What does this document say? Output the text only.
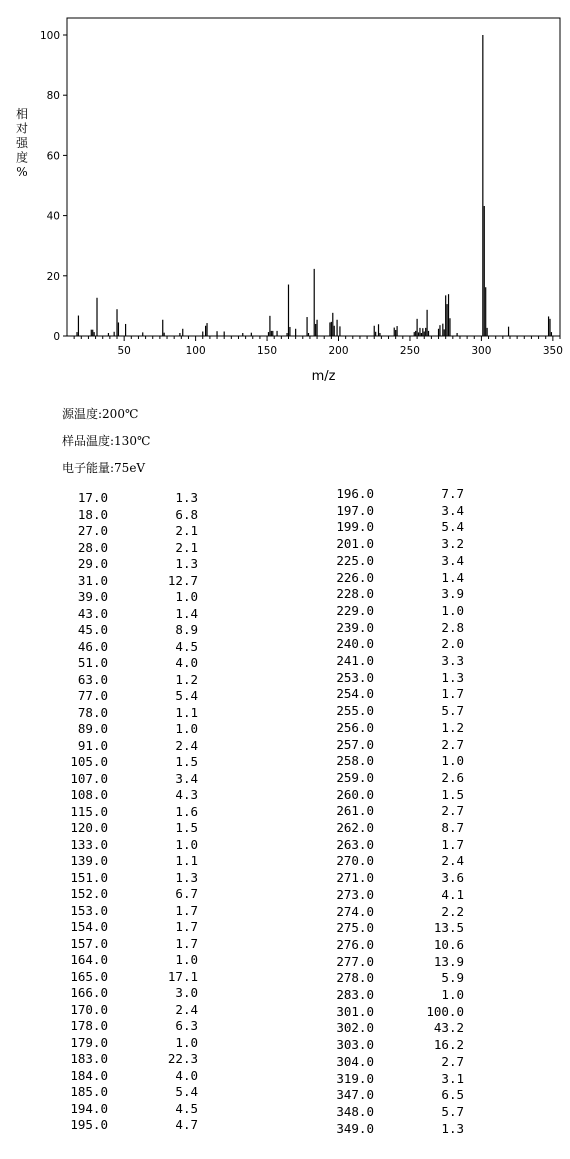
0
20
40
60
80
100
50	100	150	200	250	300	350
m/z
相对强度%
源温度:200℃
样品温度:130℃
电子能量:75eV
17.0	1.3
18.0	6.8
27.0	2.1
28.0	2.1
29.0	1.3
31.0	12.7
39.0	1.0
43.0	1.4
45.0	8.9
46.0	4.5
51.0	4.0
63.0	1.2
77.0	5.4
78.0	1.1
89.0	1.0
91.0	2.4
105.0	1.5
107.0	3.4
108.0	4.3
115.0	1.6
120.0	1.5
133.0	1.0
139.0	1.1
151.0	1.3
152.0	6.7
153.0	1.7
154.0	1.7
157.0	1.7
164.0	1.0
165.0	17.1
166.0	3.0
170.0	2.4
178.0	6.3
179.0	1.0
183.0	22.3
184.0	4.0
185.0	5.4
194.0	4.5
195.0	4.7
196.0	7.7
197.0	3.4
199.0	5.4
201.0	3.2
225.0	3.4
226.0	1.4
228.0	3.9
229.0	1.0
239.0	2.8
240.0	2.0
241.0	3.3
253.0	1.3
254.0	1.7
255.0	5.7
256.0	1.2
257.0	2.7
258.0	1.0
259.0	2.6
260.0	1.5
261.0	2.7
262.0	8.7
263.0	1.7
270.0	2.4
271.0	3.6
273.0	4.1
274.0	2.2
275.0	13.5
276.0	10.6
277.0	13.9
278.0	5.9
283.0	1.0
301.0	100.0
302.0	43.2
303.0	16.2
304.0	2.7
319.0	3.1
347.0	6.5
348.0	5.7
349.0	1.3
